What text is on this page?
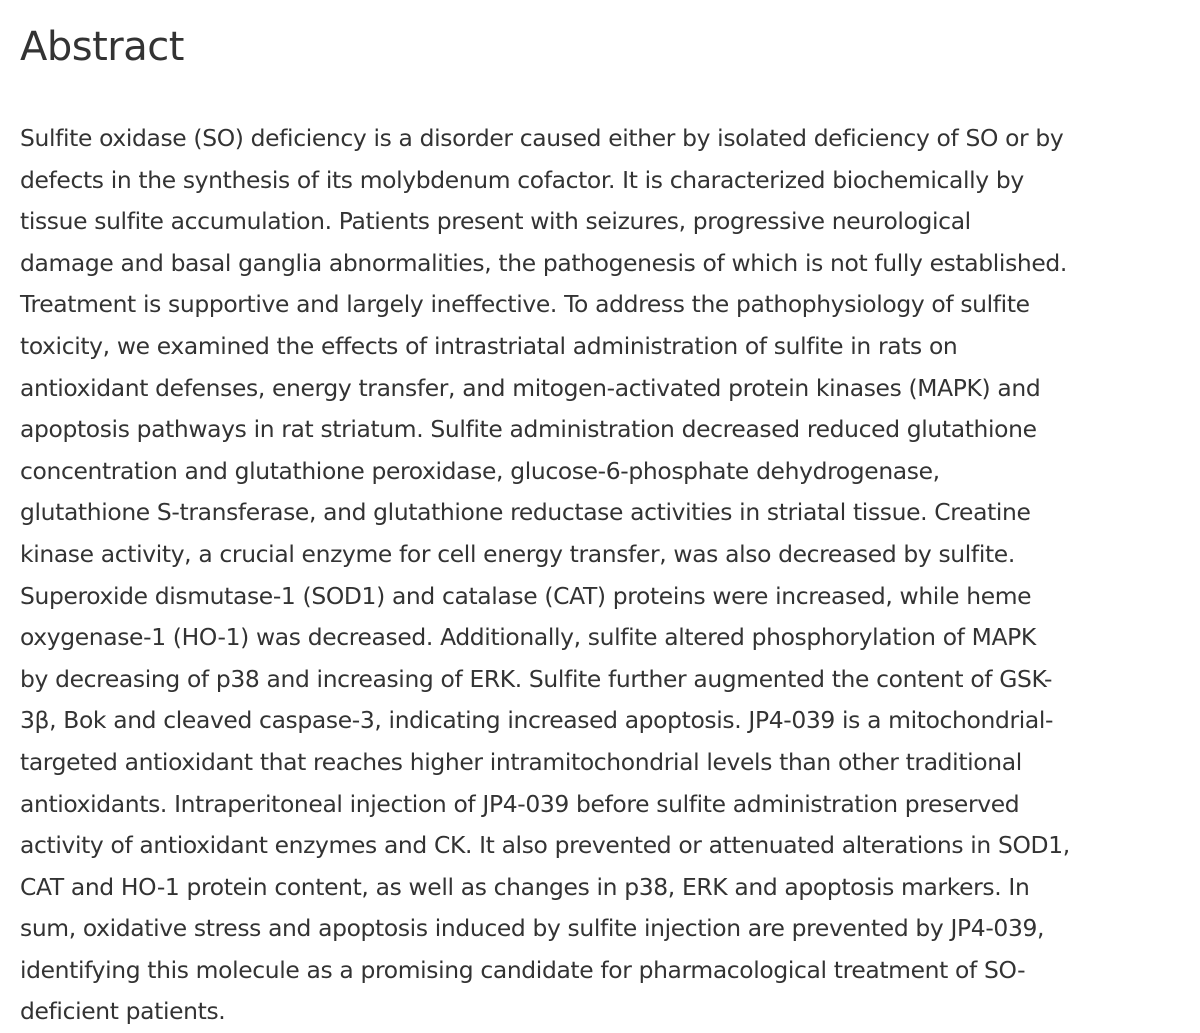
Abstract

Sulfite oxidase (SO) deficiency is a disorder caused either by isolated deficiency of SO or by
defects in the synthesis of its molybdenum cofactor. It is characterized biochemically by
tissue sulfite accumulation. Patients present with seizures, progressive neurological
damage and basal ganglia abnormalities, the pathogenesis of which is not fully established.
Treatment is supportive and largely ineffective. To address the pathophysiology of sulfite
toxicity, we examined the effects of intrastriatal administration of sulfite in rats on
antioxidant defenses, energy transfer, and mitogen-activated protein kinases (MAPK) and
apoptosis pathways in rat striatum. Sulfite administration decreased reduced glutathione
concentration and glutathione peroxidase, glucose-6-phosphate dehydrogenase,
glutathione S-transferase, and glutathione reductase activities in striatal tissue. Creatine
kinase activity, a crucial enzyme for cell energy transfer, was also decreased by sulfite.
Superoxide dismutase-1 (SOD1) and catalase (CAT) proteins were increased, while heme
oxygenase-1 (HO-1) was decreased. Additionally, sulfite altered phosphorylation of MAPK
by decreasing of p38 and increasing of ERK. Sulfite further augmented the content of GSK-
3β, Bok and cleaved caspase-3, indicating increased apoptosis. JP4-039 is a mitochondrial-
targeted antioxidant that reaches higher intramitochondrial levels than other traditional
antioxidants. Intraperitoneal injection of JP4-039 before sulfite administration preserved
activity of antioxidant enzymes and CK. It also prevented or attenuated alterations in SOD1,
CAT and HO-1 protein content, as well as changes in p38, ERK and apoptosis markers. In
sum, oxidative stress and apoptosis induced by sulfite injection are prevented by JP4-039,
identifying this molecule as a promising candidate for pharmacological treatment of SO-
deficient patients.
